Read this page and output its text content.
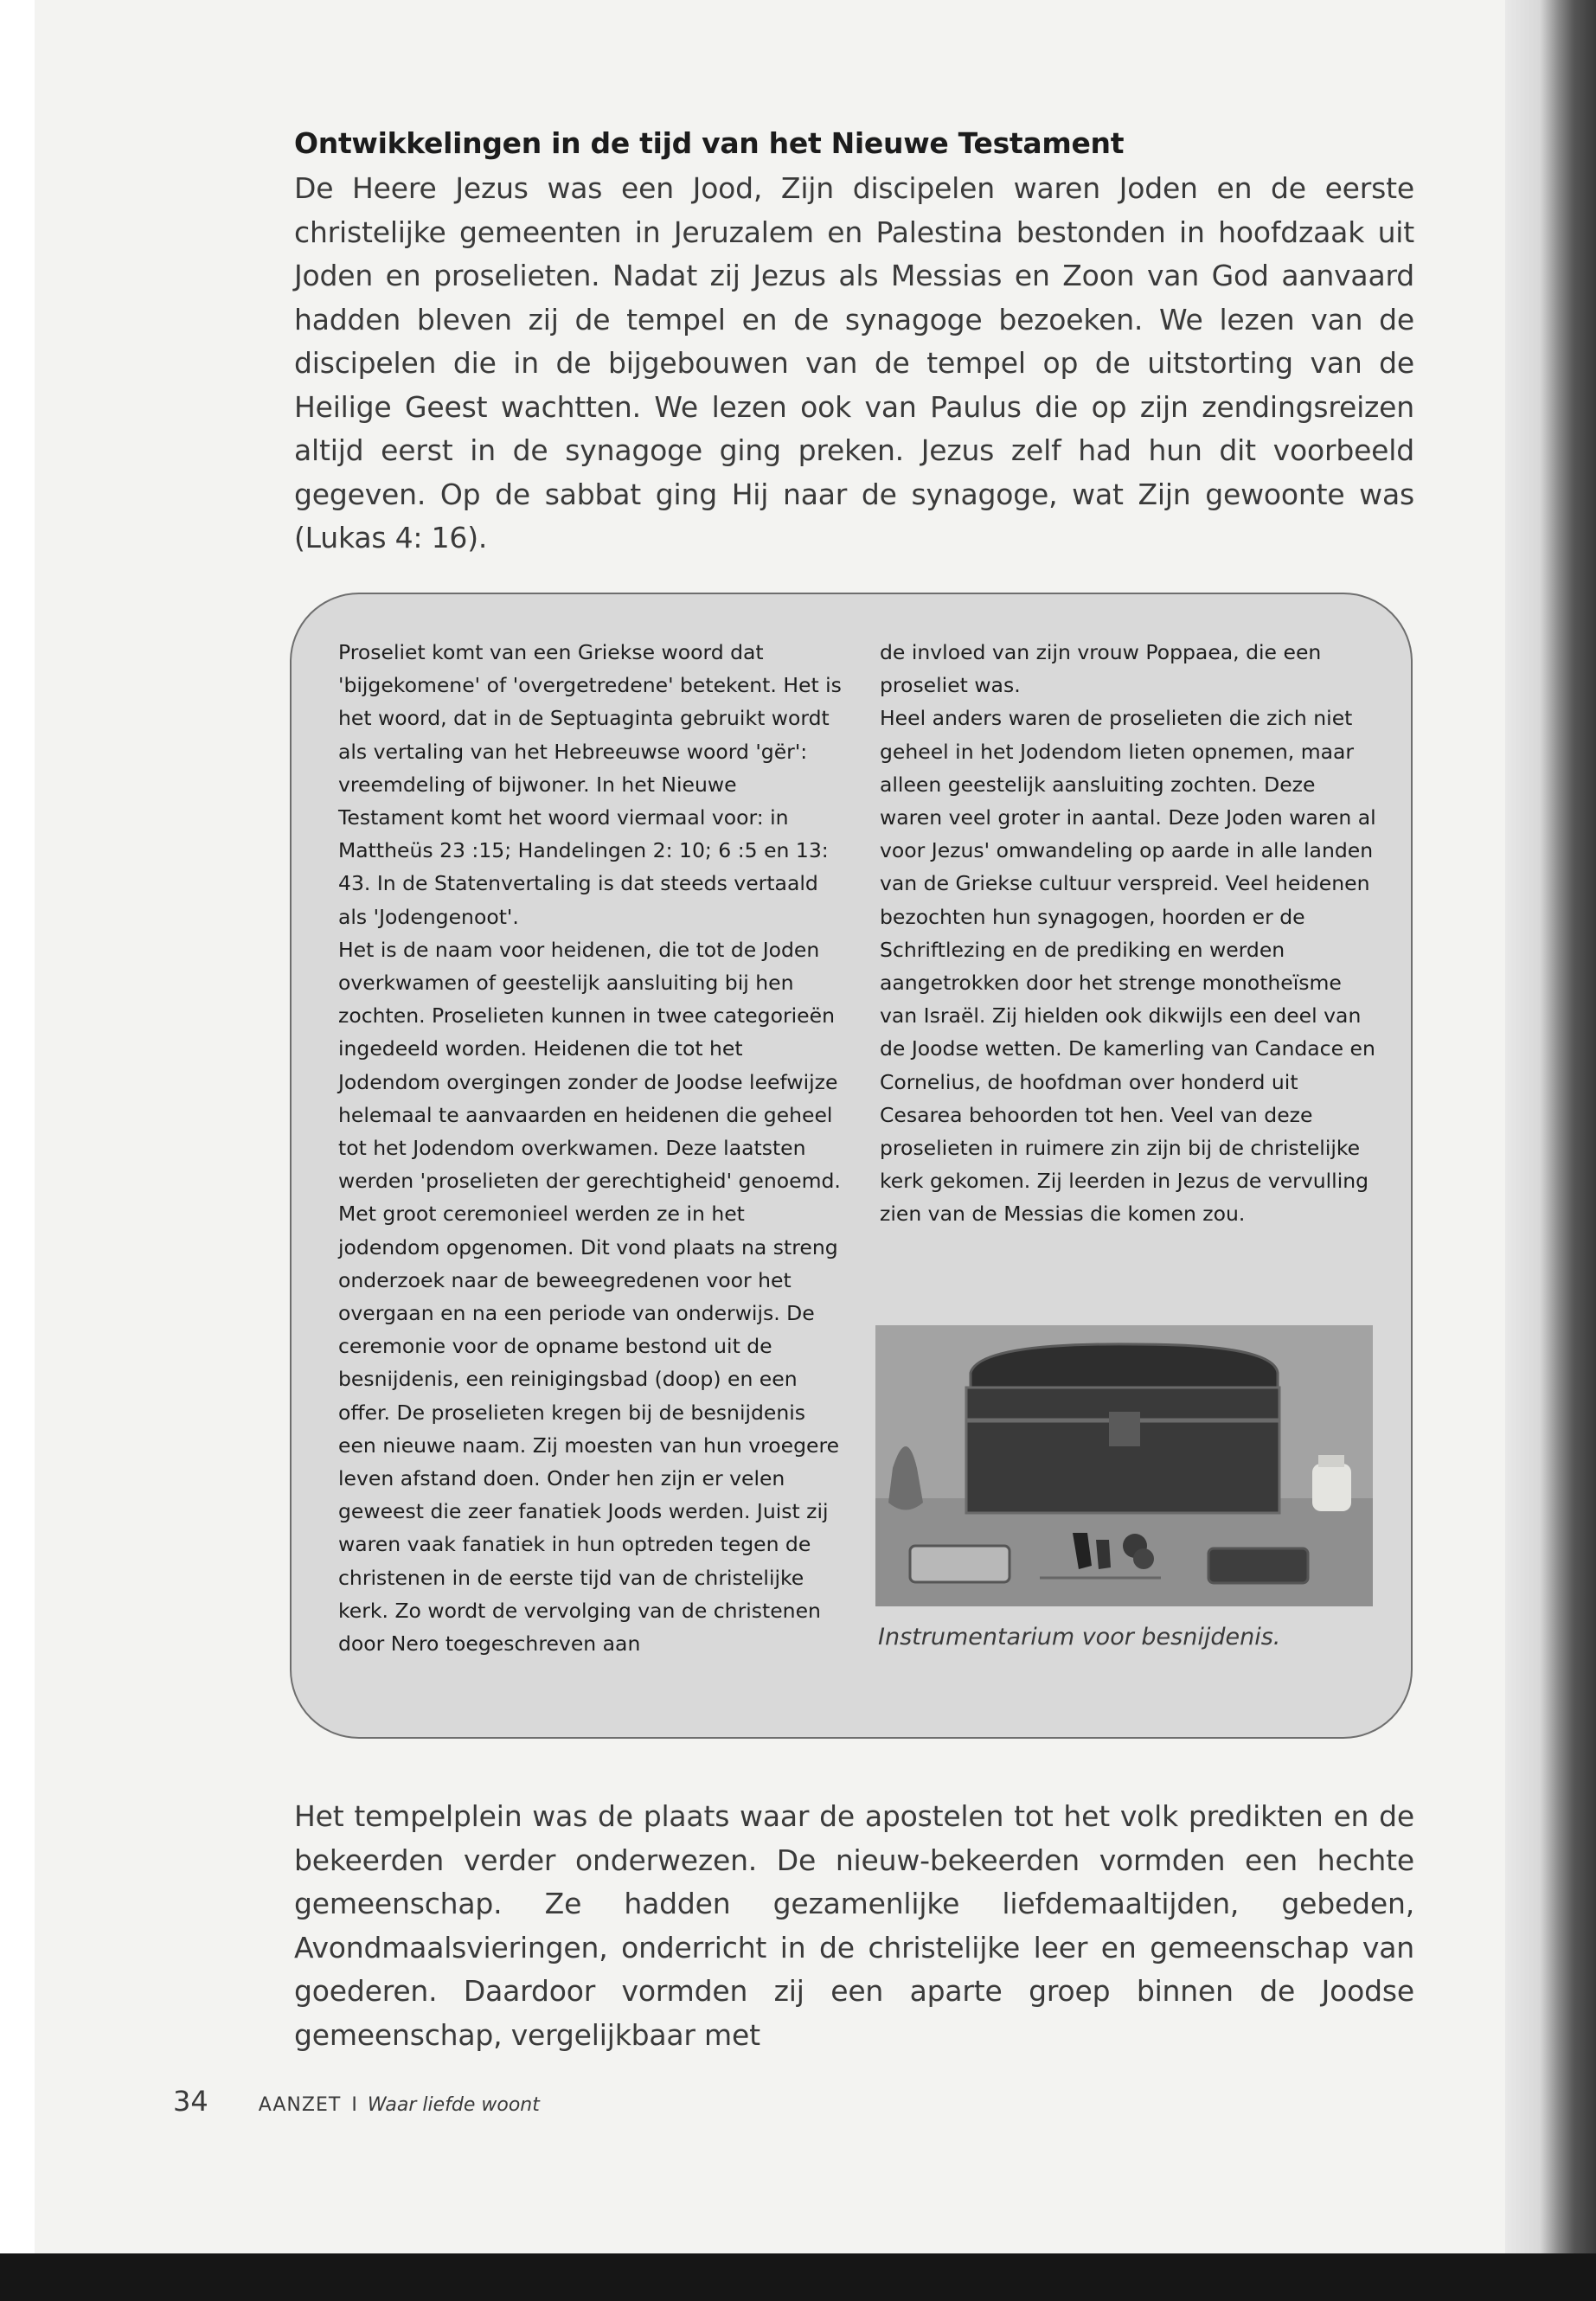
Ontwikkelingen in de tijd van het Nieuwe Testament

De Heere Jezus was een Jood, Zijn discipelen waren Joden en de eerste christelijke gemeenten in Jeruzalem en Palestina bestonden in hoofdzaak uit Joden en proselieten. Nadat zij Jezus als Messias en Zoon van God aanvaard hadden bleven zij de tempel en de synagoge bezoeken. We lezen van de discipelen die in de bijgebouwen van de tempel op de uitstorting van de Heilige Geest wachtten. We lezen ook van Paulus die op zijn zendingsreizen altijd eerst in de synagoge ging preken. Jezus zelf had hun dit voorbeeld gegeven. Op de sabbat ging Hij naar de synagoge, wat Zijn gewoonte was (Lukas 4: 16).

Proseliet komt van een Griekse woord dat 'bijgekomene' of 'overgetredene' betekent. Het is het woord, dat in de Septuaginta gebruikt wordt als vertaling van het Hebreeuwse woord 'gër': vreemdeling of bijwoner. In het Nieuwe Testament komt het woord viermaal voor: in Mattheüs 23 :15; Handelingen 2: 10; 6 :5 en 13: 43. In de Statenvertaling is dat steeds vertaald als 'Jodengenoot'.

Het is de naam voor heidenen, die tot de Joden overkwamen of geestelijk aansluiting bij hen zochten. Proselieten kunnen in twee categorieën ingedeeld worden. Heidenen die tot het Jodendom overgingen zonder de Joodse leefwijze helemaal te aanvaarden en heidenen die geheel tot het Jodendom overkwamen. Deze laatsten werden 'proselieten der gerechtigheid' genoemd. Met groot ceremonieel werden ze in het jodendom opgenomen. Dit vond plaats na streng onderzoek naar de beweegredenen voor het overgaan en na een periode van onderwijs. De ceremonie voor de opname bestond uit de besnijdenis, een reinigingsbad (doop) en een offer. De proselieten kregen bij de besnijdenis een nieuwe naam. Zij moesten van hun vroegere leven afstand doen. Onder hen zijn er velen geweest die zeer fanatiek Joods werden. Juist zij waren vaak fanatiek in hun optreden tegen de christenen in de eerste tijd van de christelijke kerk. Zo wordt de vervolging van de christenen door Nero toegeschreven aan

de invloed van zijn vrouw Poppaea, die een proseliet was.

Heel anders waren de proselieten die zich niet geheel in het Jodendom lieten opnemen, maar alleen geestelijk aansluiting zochten. Deze waren veel groter in aantal. Deze Joden waren al voor Jezus' omwandeling op aarde in alle landen van de Griekse cultuur verspreid. Veel heidenen bezochten hun synagogen, hoorden er de Schriftlezing en de prediking en werden aangetrokken door het strenge monotheïsme van Israël. Zij hielden ook dikwijls een deel van de Joodse wetten. De kamerling van Candace en Cornelius, de hoofdman over honderd uit Cesarea behoorden tot hen. Veel van deze proselieten in ruimere zin zijn bij de christelijke kerk gekomen. Zij leerden in Jezus de vervulling zien van de Messias die komen zou.

Instrumentarium voor besnijdenis.

Het tempelplein was de plaats waar de apostelen tot het volk predikten en de bekeerden verder onderwezen. De nieuw-bekeerden vormden een hechte gemeenschap. Ze hadden gezamenlijke liefdemaaltijden, gebeden, Avondmaalsvieringen, onderricht in de christelijke leer en gemeenschap van goederen. Daardoor vormden zij een aparte groep binnen de Joodse gemeenschap, vergelijkbaar met

34	AANZET I Waar liefde woont
